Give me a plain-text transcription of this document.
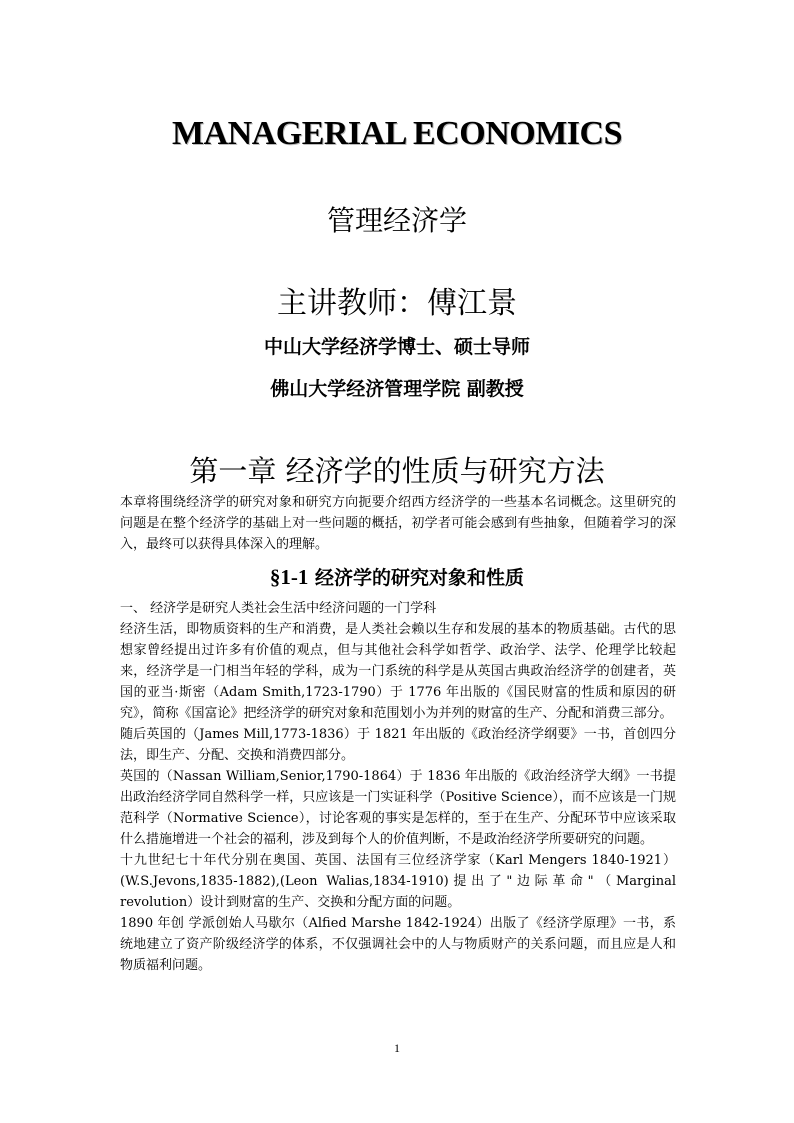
MANAGERIAL ECONOMICS
管理经济学
主讲教师：傅江景
中山大学经济学博士、硕士导师
佛山大学经济管理学院 副教授
第一章 经济学的性质与研究方法
本章将围绕经济学的研究对象和研究方向扼要介绍西方经济学的一些基本名词概念。这里研究的问题是在整个经济学的基础上对一些问题的概括，初学者可能会感到有些抽象，但随着学习的深入，最终可以获得具体深入的理解。
§1-1 经济学的研究对象和性质

一、 经济学是研究人类社会生活中经济问题的一门学科

经济生活，即物质资料的生产和消费，是人类社会赖以生存和发展的基本的物质基础。古代的思想家曾经提出过许多有价值的观点，但与其他社会科学如哲学、政治学、法学、伦理学比较起来，经济学是一门相当年轻的学科，成为一门系统的科学是从英国古典政治经济学的创建者，英国的亚当·斯密（Adam Smith,1723-1790）于 1776 年出版的《国民财富的性质和原因的研究》，简称《国富论》把经济学的研究对象和范围划小为并列的财富的生产、分配和消费三部分。

随后英国的（James Mill,1773-1836）于 1821 年出版的《政治经济学纲要》一书，首创四分法，即生产、分配、交换和消费四部分。

英国的（Nassan William,Senior,1790-1864）于 1836 年出版的《政治经济学大纲》一书提出政治经济学同自然科学一样，只应该是一门实证科学（Positive Science），而不应该是一门规范科学（Normative Science），讨论客观的事实是怎样的，至于在生产、分配环节中应该采取什么措施增进一个社会的福利，涉及到每个人的价值判断，不是政治经济学所要研究的问题。

十九世纪七十年代分别在奥国、英国、法国有三位经济学家（Karl Mengers 1840-1921）(W.S.Jevons,1835-1882),(Leon Walias,1834-1910)提出了"边际革命"（Marginal revolution）设计到财富的生产、交换和分配方面的问题。

1890 年创 学派创始人马歇尔（Alfied Marshe 1842-1924）出版了《经济学原理》一书，系统地建立了资产阶级经济学的体系，不仅强调社会中的人与物质财产的关系问题，而且应是人和物质福利问题。

1
